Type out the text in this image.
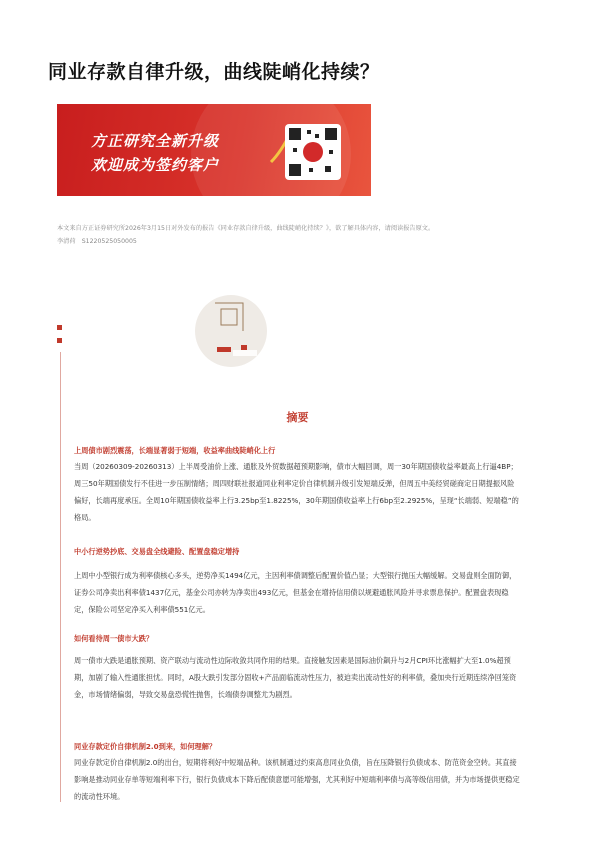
同业存款自律升级，曲线陡峭化持续？
方正研究全新升级
欢迎成为签约客户
本文来自方正证券研究所2026年3月15日对外发布的报告《同业存款自律升级，曲线陡峭化持续？》，欲了解具体内容，请阅读报告原文。
李清荷　S1220525050005
摘要
上周债市剧烈震荡，长端显著弱于短端，收益率曲线陡峭化上行
当周（20260309-20260313）上半周受油价上涨、通胀及外贸数据超预期影响，债市大幅回调，周一30年期国债收益率最高上行逼4BP；周三50年期国债发行不佳进一步压制情绪；周四财联社报道同业利率定价自律机制升级引发短端反弹，但周五中美经贸磋商定日期提振风险偏好，长端再度承压。全周10年期国债收益率上行3.25bp至1.8225%，30年期国债收益率上行6bp至2.2925%，呈现“长端弱、短端稳”的格局。
中小行逆势抄底、交易盘全线避险、配置盘稳定增持
上周中小型银行成为利率债核心多头，逆势净买1494亿元，主因利率债调整后配置价值凸显；大型银行抛压大幅缓解。交易盘则全面防御，证券公司净卖出利率债1437亿元，基金公司亦转为净卖出493亿元，但基金在增持信用债以规避通胀风险并寻求票息保护。配置盘表现稳定，保险公司坚定净买入利率债551亿元。
如何看待周一债市大跌？
周一债市大跌是通胀预期、资产联动与流动性边际收敛共同作用的结果。直接触发因素是国际油价飙升与2月CPI环比涨幅扩大至1.0%超预期，加剧了输入性通胀担忧。同时，A股大跌引发部分固收+产品面临流动性压力，被迫卖出流动性好的利率债，叠加央行近期连续净回笼资金，市场情绪偏弱，导致交易盘恐慌性抛售，长端债券调整尤为剧烈。
同业存款定价自律机制2.0到来，如何理解？
同业存款定价自律机制2.0的出台，短期将利好中短端品种。该机制通过约束高息同业负债，旨在压降银行负债成本、防范资金空转。其直接影响是推动同业存单等短端利率下行，银行负债成本下降后配债意愿可能增强，尤其利好中短端利率债与高等级信用债，并为市场提供更稳定的流动性环境。
